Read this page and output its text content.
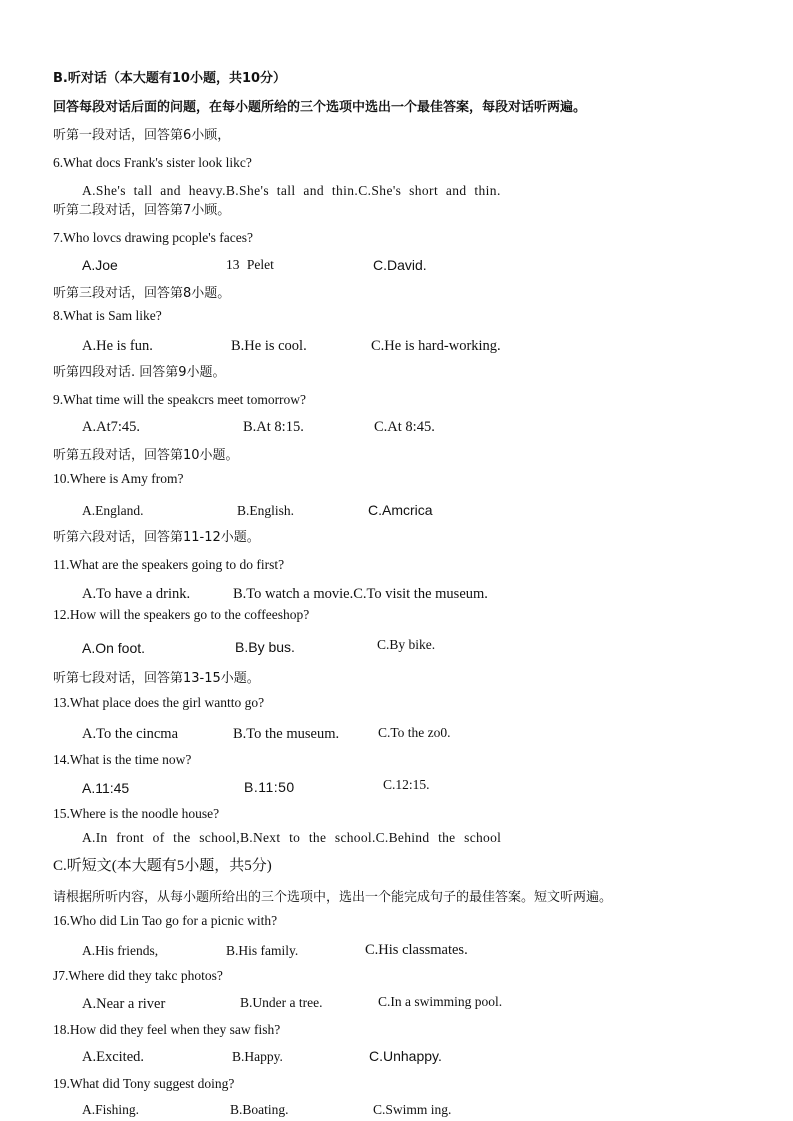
B.听对话（本大题有10小题，共10分）
回答每段对话后面的问题，在每小题所给的三个选项中选出一个最佳答案，每段对话听两遍。
听第一段对话，回答第6小顾，
6.What docs Frank's sister look likc?
A.She's tall and heavy.B.She's tall and thin.C.She's short and thin.
听第二段对话，回答第7小顾。
7.Who lovcs drawing pcople's faces?
A.Joe	13 Pelet	C.David.
听第三段对话，回答第8小题。
8.What is Sam like?
A.He is fun.	B.He is cool.	C.He is hard-working.
听第四段对话. 回答第9小题。
9.What time will the speakcrs meet tomorrow?
A.At7:45.	B.At 8:15.	C.At 8:45.
听第五段对话，回答第10小题。
10.Where is Amy from?
A.England.	B.English.	C.Amcrica
听第六段对话，回答第11-12小题。
11.What are the speakers going to do first?
A.To have a drink.	B.To watch a movie.C.To visit the museum.
12.How will the speakers go to the coffeeshop?
A.On foot.	B.By bus.	C.By bike.
听第七段对话，回答第13-15小题。
13.What place does the girl wantto go?
A.To the cincma	B.To the museum.	C.To the zo0.
14.What is the time now?
A.11:45	B.11:50	C.12:15.
15.Where is the noodle house?
A.In front of the school,B.Next to the school.C.Behind the school
C.听短文(本大题有5小题，共5分)
请根据所听内容，从每小题所给出的三个选项中，选出一个能完成句子的最佳答案。短文听两遍。
16.Who did Lin Tao go for a picnic with?
A.His friends,	B.His family.	C.His classmates.
J7.Where did they takc photos?
A.Near a river	B.Under a tree.	C.In a swimming pool.
18.How did they feel when they saw fish?
A.Excited.	B.Happy.	C.Unhappy.
19.What did Tony suggest doing?
A.Fishing.	B.Boating.	C.Swimm ing.
